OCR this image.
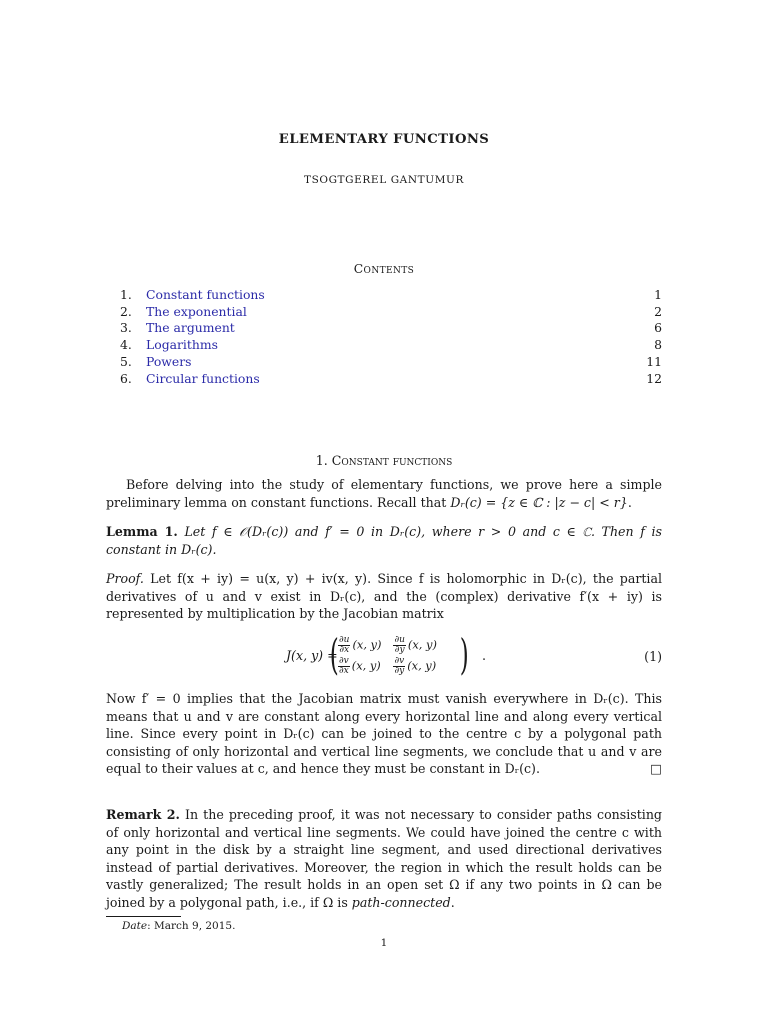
ELEMENTARY FUNCTIONS
TSOGTGEREL GANTUMUR
Contents
1.	Constant functions	1
2.	The exponential	2
3.	The argument	6
4.	Logarithms	8
5.	Powers	11
6.	Circular functions	12
1. Constant functions
Before delving into the study of elementary functions, we prove here a simple preliminary lemma on constant functions. Recall that Dᵣ(c) = {z ∈ ℂ : |z − c| < r}.
Lemma 1. Let f ∈ 𝒪(Dᵣ(c)) and f′ = 0 in Dᵣ(c), where r > 0 and c ∈ ℂ. Then f is constant in Dᵣ(c).
Proof. Let f(x + iy) = u(x, y) + iv(x, y). Since f is holomorphic in Dᵣ(c), the partial derivatives of u and v exist in Dᵣ(c), and the (complex) derivative f′(x + iy) is represented by multiplication by the Jacobian matrix
J(x, y) =
( $\frac{\partial u}{\partial x} (x$, $y) \frac{\partial u}{\partial y} (x$, y)
$\frac{\partial v}{\partial x} (x$, $y) \frac{\partial v}{\partial y} (x$, y) ) .	(1)
Now f′ = 0 implies that the Jacobian matrix must vanish everywhere in Dᵣ(c). This means that u and v are constant along every horizontal line and along every vertical line. Since every point in Dᵣ(c) can be joined to the centre c by a polygonal path consisting of only horizontal and vertical line segments, we conclude that u and v are equal to their values at c, and hence they must be constant in Dᵣ(c).	□
Remark 2. In the preceding proof, it was not necessary to consider paths consisting of only horizontal and vertical line segments. We could have joined the centre c with any point in the disk by a straight line segment, and used directional derivatives instead of partial derivatives. Moreover, the region in which the result holds can be vastly generalized; The result holds in an open set Ω if any two points in Ω can be joined by a polygonal path, i.e., if Ω is path-connected.
Date: March 9, 2015.
1
